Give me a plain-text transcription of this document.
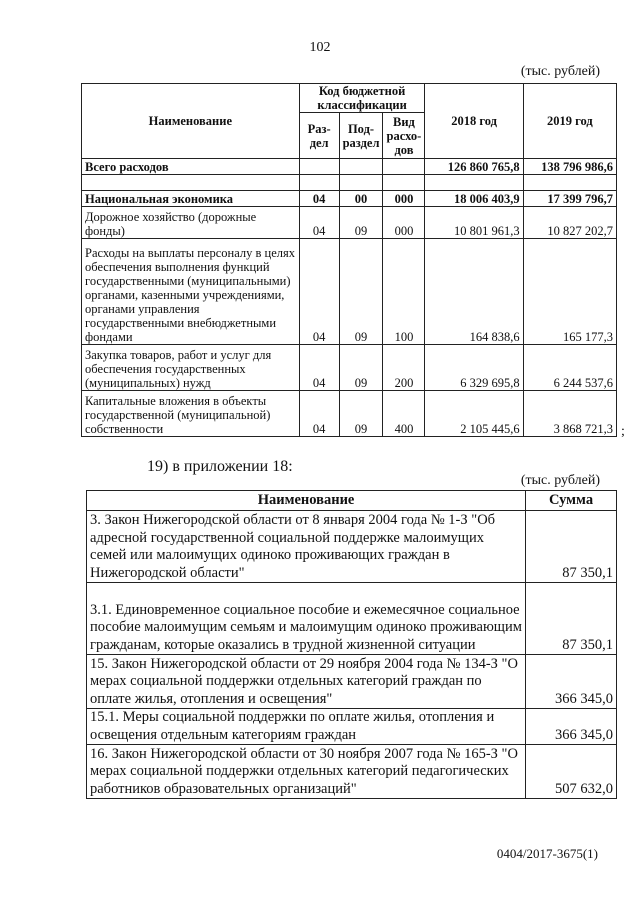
102
(тыс. рублей)
Наименование	Код бюджетной классификации			2018 год	2019 год
	Раз-дел	Под-раздел	Вид расхо-дов		
Всего расходов				126 860 765,8	138 796 986,6

Национальная экономика	04	00	000	18 006 403,9	17 399 796,7
Дорожное хозяйство (дорожные фонды)	04	09	000	10 801 961,3	10 827 202,7
Расходы на выплаты персоналу в целях обеспечения выполнения функций государственными (муниципальными) органами, казенными учреждениями, органами управления государственными внебюджетными фондами	04	09	100	164 838,6	165 177,3
Закупка товаров, работ и услуг для обеспечения государственных (муниципальных) нужд	04	09	200	6 329 695,8	6 244 537,6
Капитальные вложения в объекты государственной (муниципальной) собственности	04	09	400	2 105 445,6	3 868 721,3 ;
19) в приложении 18:
(тыс. рублей)
Наименование	Сумма
3. Закон Нижегородской области от 8 января 2004 года № 1-З "Об адресной государственной социальной поддержке малоимущих семей или малоимущих одиноко проживающих граждан в Нижегородской области"	87 350,1
3.1. Единовременное социальное пособие и ежемесячное социальное пособие малоимущим семьям и малоимущим одиноко проживающим гражданам, которые оказались в трудной жизненной ситуации	87 350,1
15. Закон Нижегородской области от 29 ноября 2004 года № 134-З "О мерах социальной поддержки отдельных категорий граждан по оплате жилья, отопления и освещения"	366 345,0
15.1. Меры социальной поддержки по оплате жилья, отопления и освещения отдельным категориям граждан	366 345,0
16. Закон Нижегородской области от 30 ноября 2007 года № 165-З "О мерах социальной поддержки отдельных категорий педагогических работников образовательных организаций"	507 632,0
0404/2017-3675(1)
